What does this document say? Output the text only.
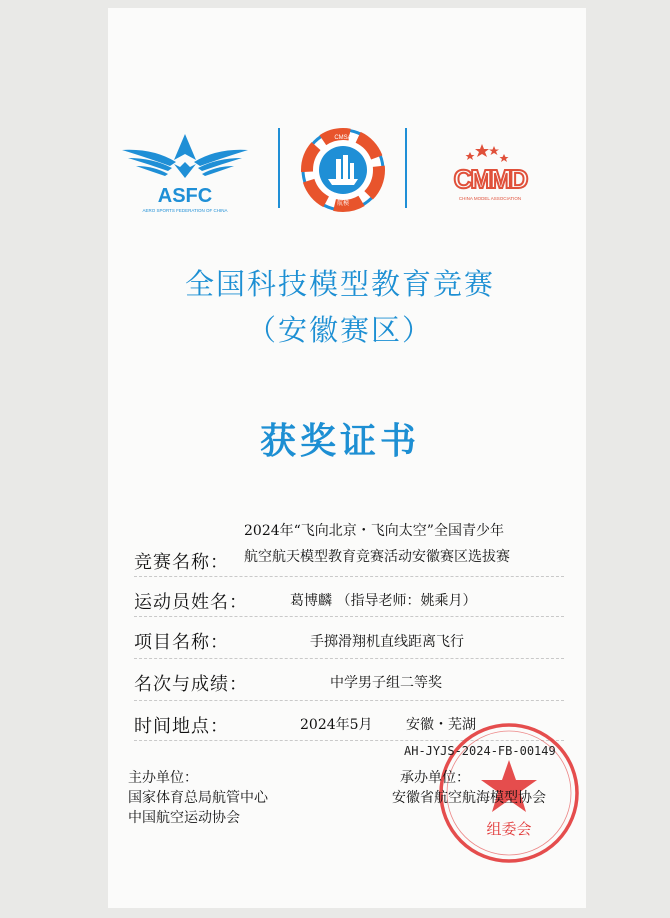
ASFC
AERO SPORTS FEDERATION OF CHINA
CMSA
航模
CMMD
CHINA MODEL ASSOCIATION
全国科技模型教育竞赛
（安徽赛区）
获奖证书
竞赛名称：
2024年“飞向北京・飞向太空”全国青少年
航空航天模型教育竞赛活动安徽赛区选拔赛
运动员姓名：	葛博麟 （指导老师：姚乘月）
项目名称：	手掷滑翔机直线距离飞行
名次与成绩：	中学男子组二等奖
时间地点：	2024年5月 安徽・芜湖
组委会
AH-JYJS-2024-FB-00149
主办单位：
国家体育总局航管中心
中国航空运动协会
承办单位：
安徽省航空航海模型协会
